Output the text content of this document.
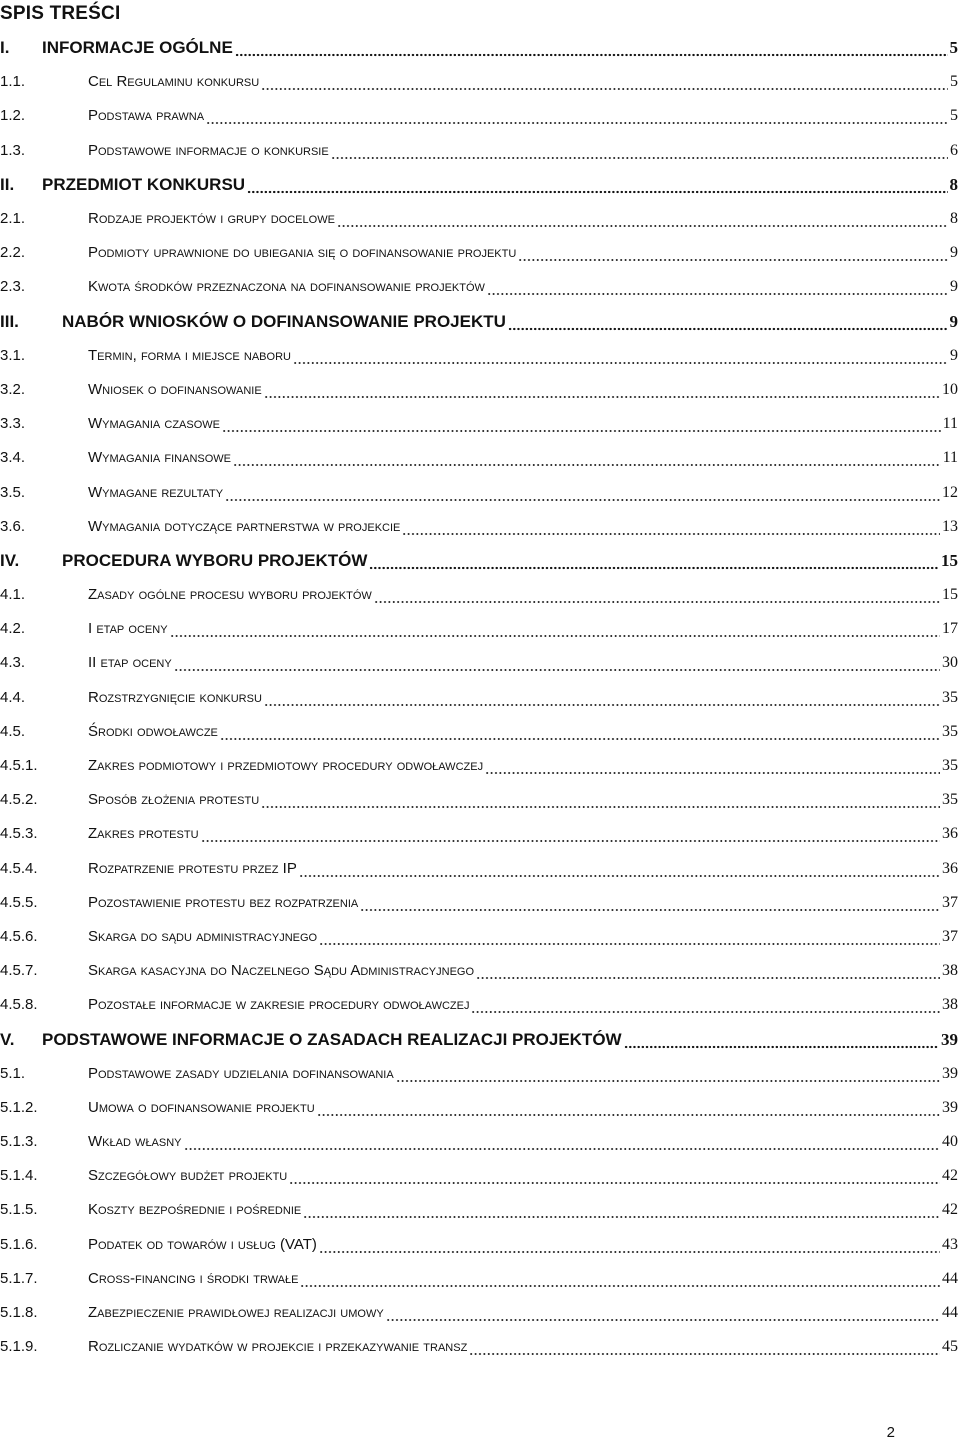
SPIS TREŚCI
I.	INFORMACJE OGÓLNE	5
1.1.	Cel Regulaminu konkursu	5
1.2.	Podstawa prawna	5
1.3.	Podstawowe informacje o konkursie	6
II.	PRZEDMIOT KONKURSU	8
2.1.	Rodzaje projektów i grupy docelowe	8
2.2.	Podmioty uprawnione do ubiegania się o dofinansowanie projektu	9
2.3.	Kwota środków przeznaczona na dofinansowanie projektów	9
III.	NABÓR WNIOSKÓW O DOFINANSOWANIE PROJEKTU	9
3.1.	Termin, forma i miejsce naboru	9
3.2.	Wniosek o dofinansowanie	10
3.3.	Wymagania czasowe	11
3.4.	Wymagania finansowe	11
3.5.	Wymagane rezultaty	12
3.6.	Wymagania dotyczące partnerstwa w projekcie	13
IV.	PROCEDURA WYBORU PROJEKTÓW	15
4.1.	Zasady ogólne procesu wyboru projektów	15
4.2.	I etap oceny	17
4.3.	II etap oceny	30
4.4.	Rozstrzygnięcie konkursu	35
4.5.	Środki odwoławcze	35
4.5.1.	Zakres podmiotowy i przedmiotowy procedury odwoławczej	35
4.5.2.	Sposób złożenia protestu	35
4.5.3.	Zakres protestu	36
4.5.4.	Rozpatrzenie protestu przez IP	36
4.5.5.	Pozostawienie protestu bez rozpatrzenia	37
4.5.6.	Skarga do sądu administracyjnego	37
4.5.7.	Skarga kasacyjna do Naczelnego Sądu Administracyjnego	38
4.5.8.	Pozostałe informacje w zakresie procedury odwoławczej	38
V.	PODSTAWOWE INFORMACJE O ZASADACH REALIZACJI PROJEKTÓW	39
5.1.	Podstawowe zasady udzielania dofinansowania	39
5.1.2.	Umowa o dofinansowanie projektu	39
5.1.3.	Wkład własny	40
5.1.4.	Szczegółowy budżet projektu	42
5.1.5.	Koszty bezpośrednie i pośrednie	42
5.1.6.	Podatek od towarów i usług (VAT)	43
5.1.7.	Cross-financing i środki trwałe	44
5.1.8.	Zabezpieczenie prawidłowej realizacji umowy	44
5.1.9.	Rozliczanie wydatków w projekcie i przekazywanie transz	45
2
